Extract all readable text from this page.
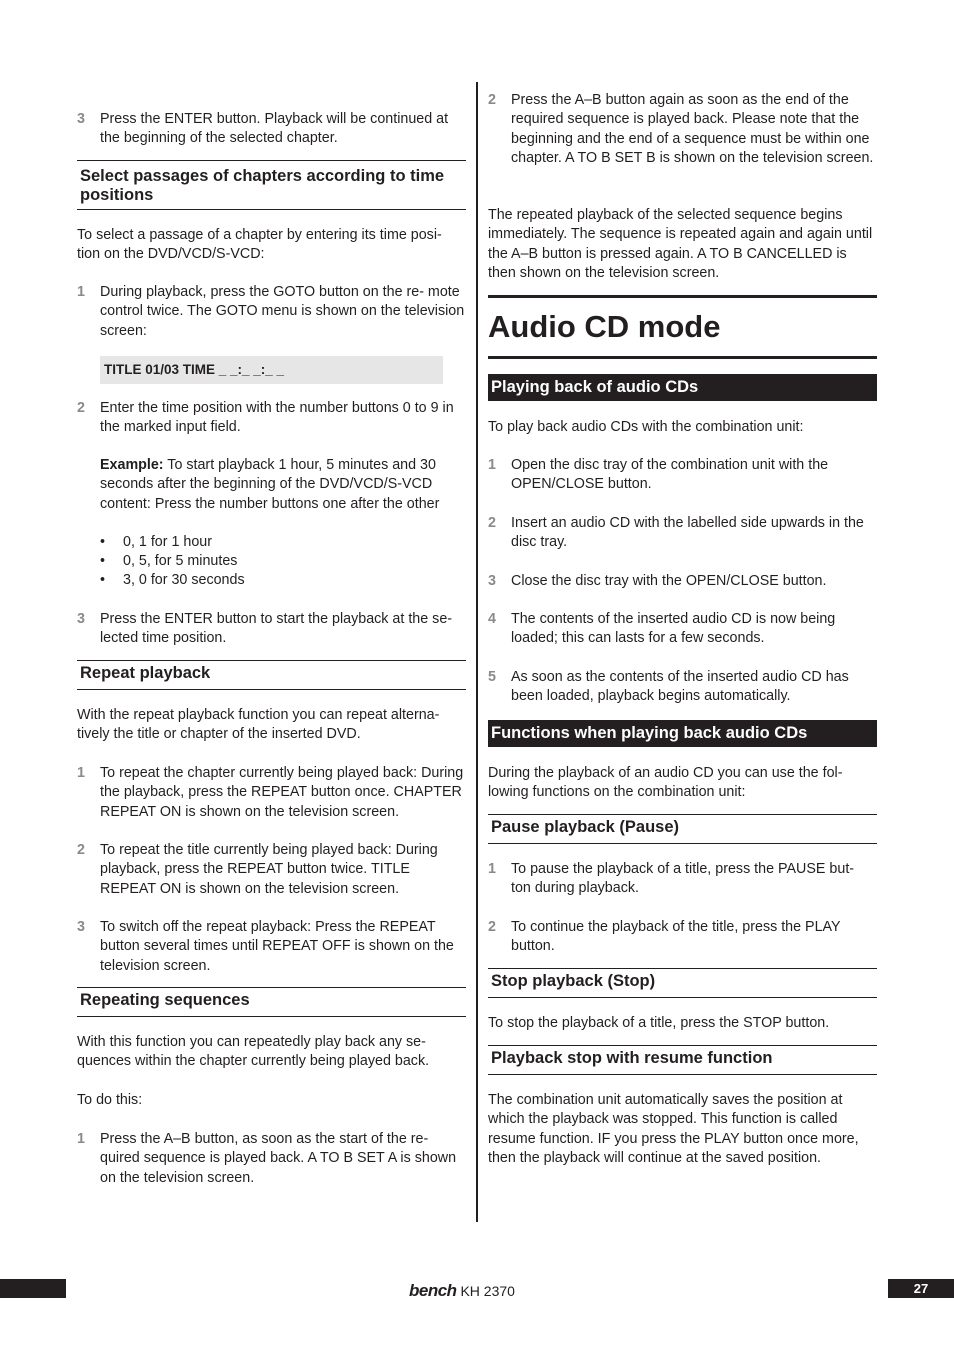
3	Press the ENTER button. Playback will be continued at the beginning of the selected chapter.
Select passages of chapters according to time positions
To select a passage of a chapter by entering its time posi- tion on the DVD/VCD/S-VCD:
1	During playback, press the GOTO button on the re- mote control twice. The GOTO menu is shown on the television screen:
TITLE 01/03 TIME _ _:_ _:_ _
2	Enter the time position with the number buttons 0 to 9 in the marked input field.
Example: To start playback 1 hour, 5 minutes and 30 seconds after the beginning of the DVD/VCD/S-VCD content: Press the number buttons one after the other
• 0, 1 for 1 hour
• 0, 5, for 5 minutes
• 3, 0 for 30 seconds
3	Press the ENTER button to start the playback at the se- lected time position.
Repeat playback
With the repeat playback function you can repeat alterna- tively the title or chapter of the inserted DVD.
1	To repeat the chapter currently being played back: During the playback, press the REPEAT button once. CHAPTER REPEAT ON is shown on the television screen.
2	To repeat the title currently being played back: During playback, press the REPEAT button twice. TITLE REPEAT ON is shown on the television screen.
3	To switch off the repeat playback: Press the REPEAT button several times until REPEAT OFF is shown on the television screen.
Repeating sequences
With this function you can repeatedly play back any se- quences within the chapter currently being played back.
To do this:
1	Press the A–B button, as soon as the start of the re- quired sequence is played back. A TO B SET A is shown on the television screen.
2	Press the A–B button again as soon as the end of the required sequence is played back. Please note that the beginning and the end of a sequence must be within one chapter. A TO B SET B is shown on the television screen.
The repeated playback of the selected sequence begins immediately. The sequence is repeated again and again until the A–B button is pressed again. A TO B CANCELLED is then shown on the television screen.
Audio CD mode
Playing back of audio CDs
To play back audio CDs with the combination unit:
1	Open the disc tray of the combination unit with the OPEN/CLOSE button.
2	Insert an audio CD with the labelled side upwards in the disc tray.
3	Close the disc tray with the OPEN/CLOSE button.
4	The contents of the inserted audio CD is now being loaded; this can lasts for a few seconds.
5	As soon as the contents of the inserted audio CD has been loaded, playback begins automatically.
Functions when playing back audio CDs
During the playback of an audio CD you can use the fol- lowing functions on the combination unit:
Pause playback (Pause)
1	To pause the playback of a title, press the PAUSE but- ton during playback.
2	To continue the playback of the title, press the PLAY button.
Stop playback (Stop)
To stop the playback of a title, press the STOP button.
Playback stop with resume function
The combination unit automatically saves the position at which the playback was stopped. This function is called resume function. IF you press the PLAY button once more, then the playback will continue at the saved position.
bench KH 2370	27
